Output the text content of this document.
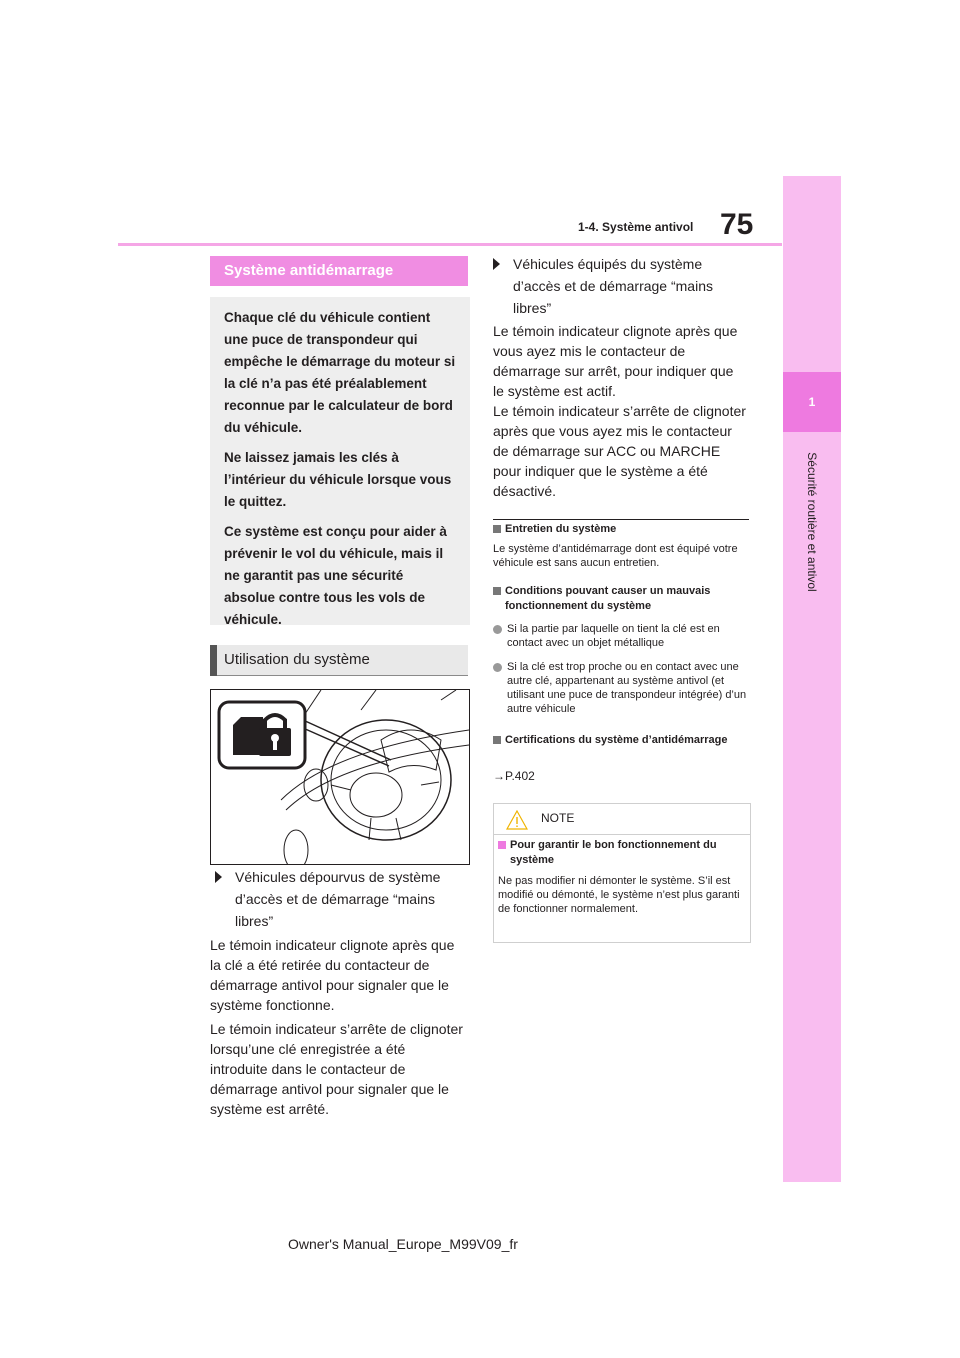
75
1-4. Système antivol
1
Sécurité routière et antivol
Système antidémarrage

Chaque clé du véhicule contient une puce de transpondeur qui empêche le démarrage du moteur si la clé n’a pas été préalablement reconnue par le calculateur de bord du véhicule.

Ne laissez jamais les clés à l’intérieur du véhicule lorsque vous le quittez.

Ce système est conçu pour aider à prévenir le vol du véhicule, mais il ne garantit pas une sécurité absolue contre tous les vols de véhicule.

Utilisation du système
Véhicules dépourvus de système d’accès et de démarrage “mains libres”
Le témoin indicateur clignote après que la clé a été retirée du contacteur de démarrage antivol pour signaler que le système fonctionne.
Le témoin indicateur s’arrête de clignoter lorsqu’une clé enregistrée a été introduite dans le contacteur de démarrage antivol pour signaler que le système est arrêté.
Véhicules équipés du système d’accès et de démarrage “mains libres”
Le témoin indicateur clignote après que vous ayez mis le contacteur de démarrage sur arrêt, pour indiquer que le système est actif.
Le témoin indicateur s’arrête de clignoter après que vous ayez mis le contacteur de démarrage sur ACC ou MARCHE pour indiquer que le système a été désactivé.
Entretien du système
Le système d’antidémarrage dont est équipé votre véhicule est sans aucun entretien.
Conditions pouvant causer un mauvais fonctionnement du système
Si la partie par laquelle on tient la clé est en contact avec un objet métallique
Si la clé est trop proche ou en contact avec une autre clé, appartenant au système antivol (et utilisant une puce de transpondeur intégrée) d’un autre véhicule
Certifications du système d’antidémarrage
→P.402
NOTE
Pour garantir le bon fonctionnement du système
Ne pas modifier ni démonter le système. S’il est modifié ou démonté, le système n’est plus garanti de fonctionner normalement.
Owner's Manual_Europe_M99V09_fr
